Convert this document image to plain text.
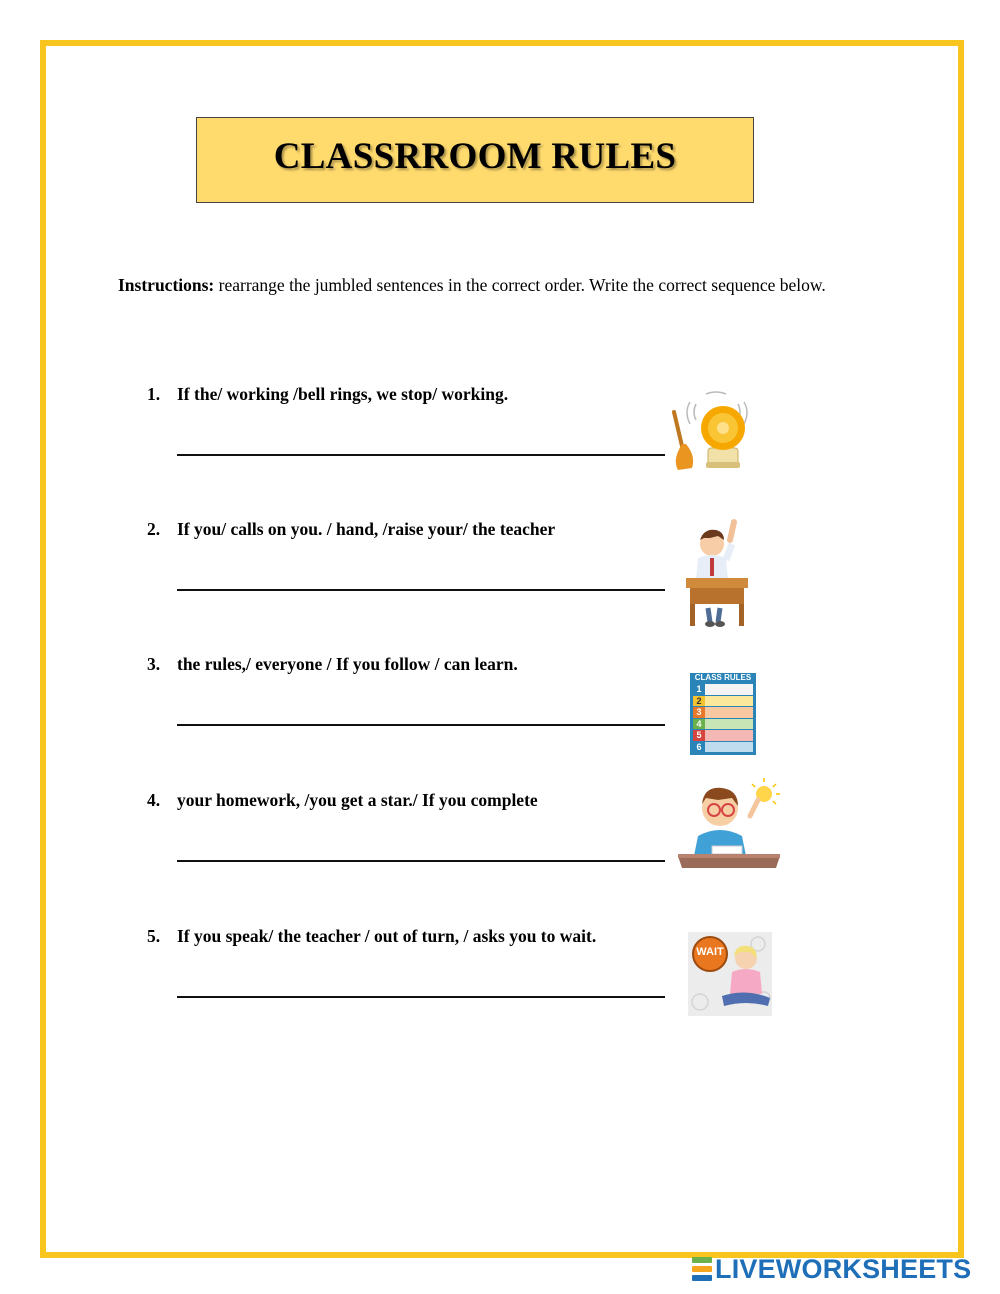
CLASSRROOM RULES
Instructions: rearrange the jumbled sentences in the correct order. Write the correct sequence below.
1. If the/ working /bell rings, we stop/ working.
2. If you/ calls on you. / hand, /raise your/ the teacher
3. the rules,/ everyone / If you follow / can learn.
CLASS RULES
1
2
3
4
5
6
4. your homework, /you get a star./ If you complete
5. If you speak/ the teacher / out of turn, / asks you to wait.
WAIT
LIVEWORKSHEETS
